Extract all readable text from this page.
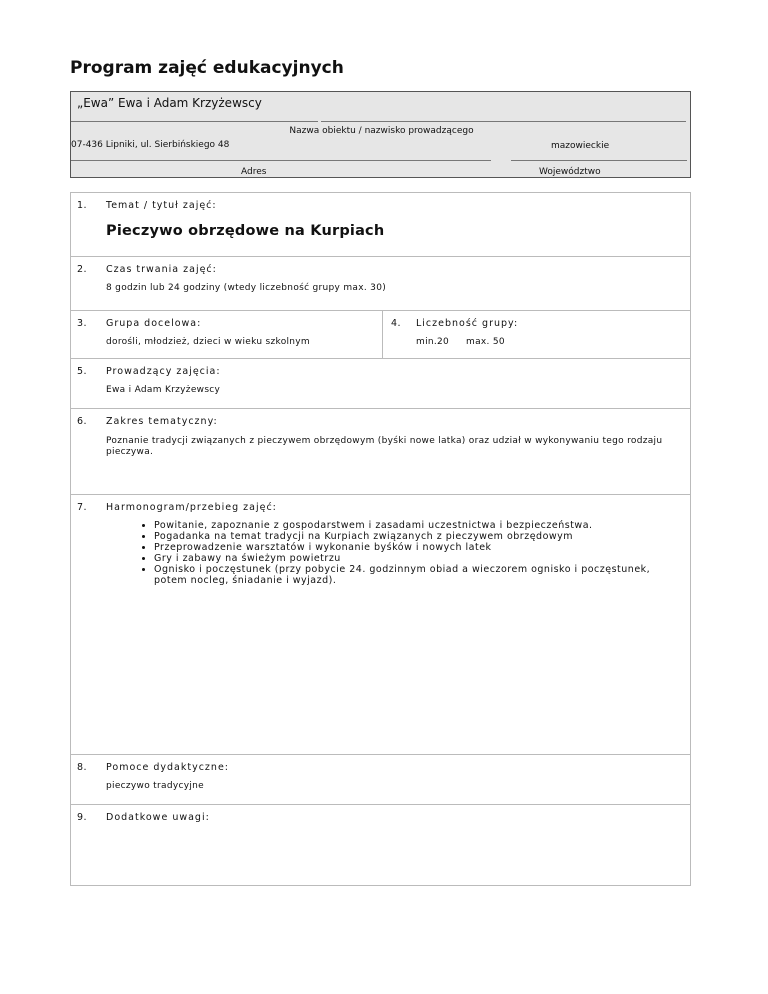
Program zajęć edukacyjnych
„Ewa” Ewa i Adam Krzyżewscy
Nazwa obiektu / nazwisko prowadzącego
07-436 Lipniki, ul. Sierbińskiego 48	mazowieckie
Adres	Województwo
1. Temat / tytuł zajęć:
Pieczywo obrzędowe na Kurpiach
2. Czas trwania zajęć:
8 godzin lub 24 godziny (wtedy liczebność grupy max. 30)
3. Grupa docelowa:
dorośli, młodzież, dzieci w wieku szkolnym
4. Liczebność grupy:
min.20 max. 50
5. Prowadzący zajęcia:
Ewa i Adam Krzyżewscy
6. Zakres tematyczny:
Poznanie tradycji związanych z pieczywem obrzędowym (byśki nowe latka) oraz udział w wykonywaniu tego rodzaju pieczywa.
7. Harmonogram/przebieg zajęć:
• Powitanie, zapoznanie z gospodarstwem i zasadami uczestnictwa i bezpieczeństwa.
• Pogadanka na temat tradycji na Kurpiach związanych z pieczywem obrzędowym
• Przeprowadzenie warsztatów i wykonanie byśków i nowych latek
• Gry i zabawy na świeżym powietrzu
• Ognisko i poczęstunek (przy pobycie 24. godzinnym obiad a wieczorem ognisko i poczęstunek, potem nocleg, śniadanie i wyjazd).
8. Pomoce dydaktyczne:
pieczywo tradycyjne
9. Dodatkowe uwagi:
